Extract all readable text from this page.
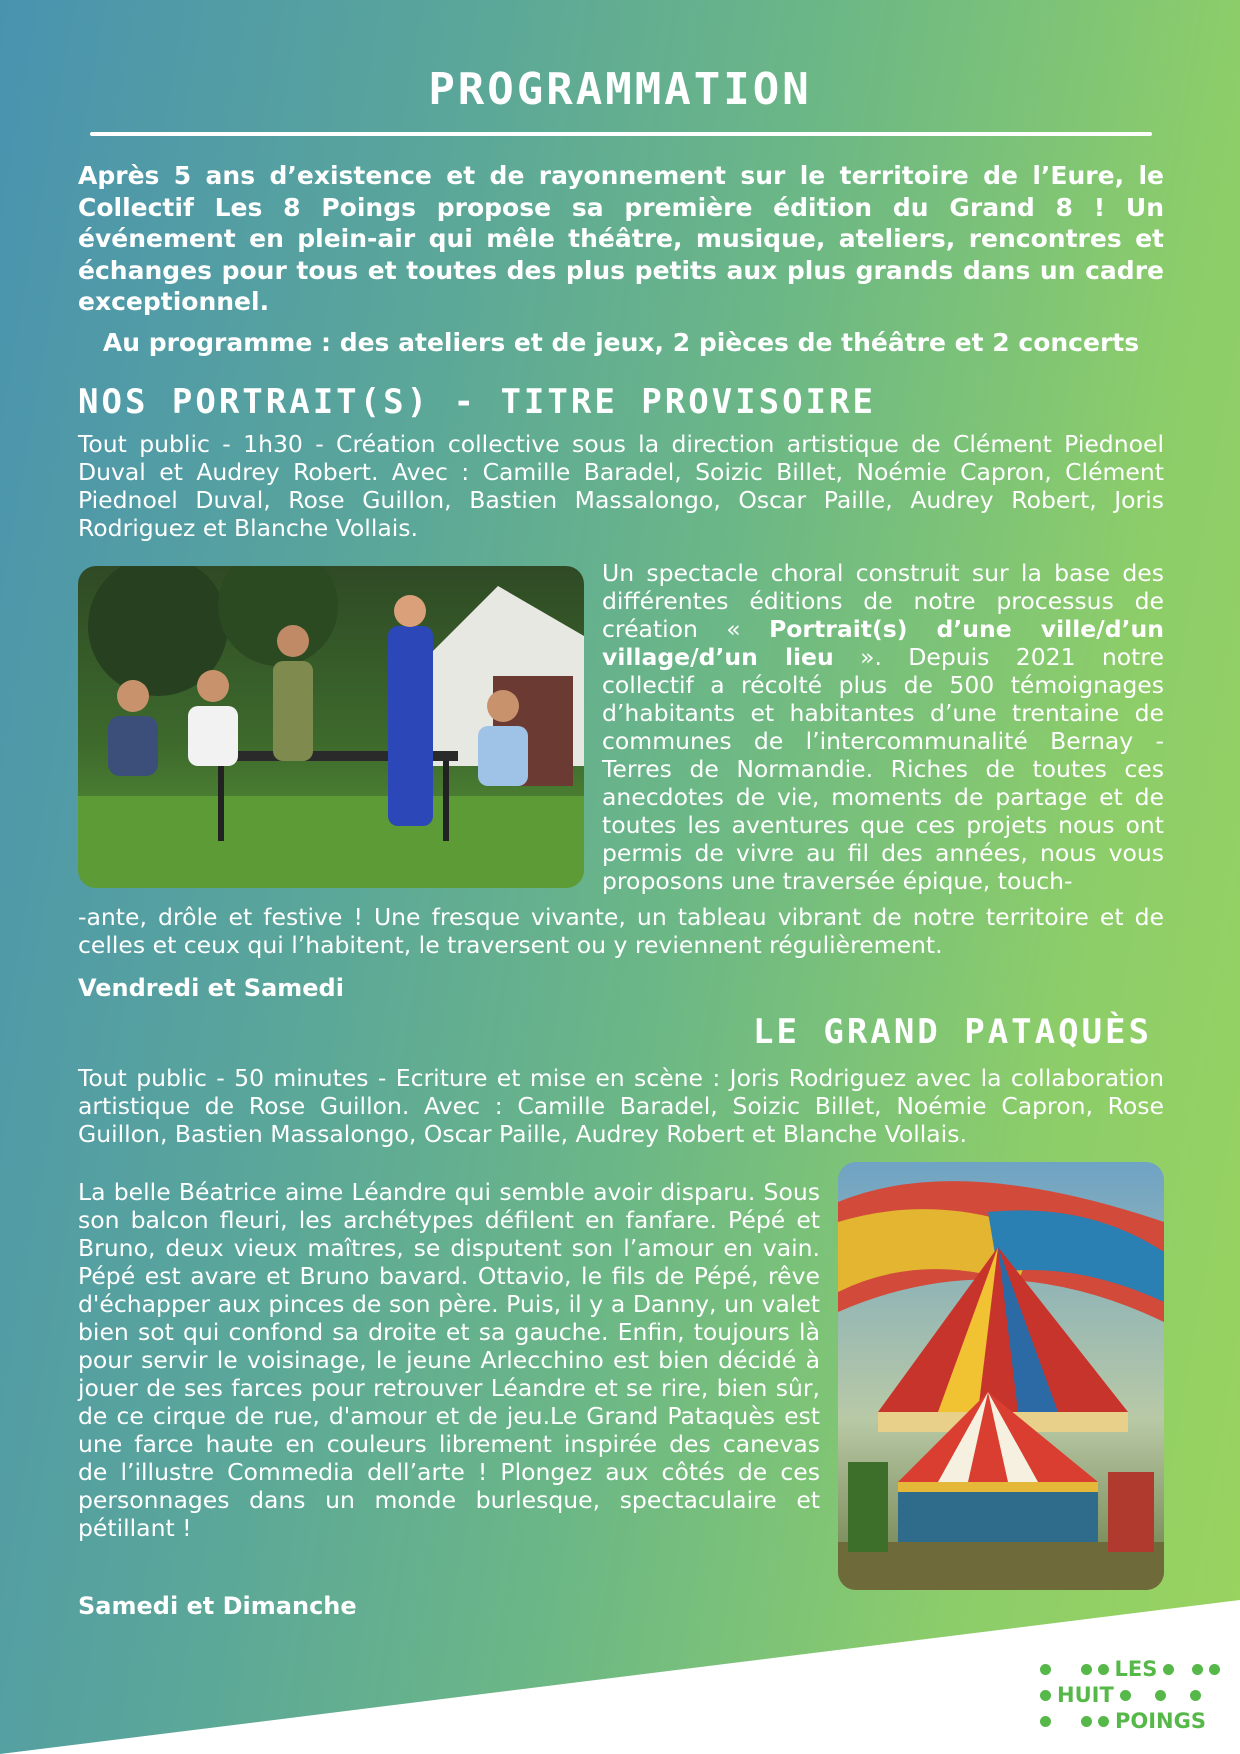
PROGRAMMATION

Après 5 ans d’existence et de rayonnement sur le territoire de l’Eure, le Collectif Les 8 Poings propose sa première édition du Grand 8 ! Un événement en plein-air qui mêle théâtre, musique, ateliers, rencontres et échanges pour tous et toutes des plus petits aux plus grands dans un cadre exceptionnel.

Au programme : des ateliers et de jeux, 2 pièces de théâtre et 2 concerts

NOS PORTRAIT(S) - TITRE PROVISOIRE

Tout public - 1h30 - Création collective sous la direction artistique de Clément Piednoel Duval et Audrey Robert. Avec : Camille Baradel, Soizic Billet, Noémie Capron, Clément Piednoel Duval, Rose Guillon, Bastien Massalongo, Oscar Paille, Audrey Robert, Joris Rodriguez et Blanche Vollais.

Un spectacle choral construit sur la base des différentes éditions de notre processus de création « Portrait(s) d’une ville/d’un village/d’un lieu ». Depuis 2021 notre collectif a récolté plus de 500 témoignages d’habitants et habitantes d’une trentaine de communes de l’intercommunalité Bernay - Terres de Normandie. Riches de toutes ces anecdotes de vie, moments de partage et de toutes les aventures que ces projets nous ont permis de vivre au fil des années, nous vous proposons une traversée épique, touch-

-ante, drôle et festive ! Une fresque vivante, un tableau vibrant de notre territoire et de celles et ceux qui l’habitent, le traversent ou y reviennent régulièrement.

Vendredi et Samedi

LE GRAND PATAQUÈS

Tout public - 50 minutes - Ecriture et mise en scène : Joris Rodriguez avec la collaboration artistique de Rose Guillon. Avec : Camille Baradel, Soizic Billet, Noémie Capron, Rose Guillon, Bastien Massalongo, Oscar Paille, Audrey Robert et Blanche Vollais.

La belle Béatrice aime Léandre qui semble avoir disparu. Sous son balcon fleuri, les archétypes défilent en fanfare. Pépé et Bruno, deux vieux maîtres, se disputent son l’amour en vain. Pépé est avare et Bruno bavard. Ottavio, le fils de Pépé, rêve d'échapper aux pinces de son père. Puis, il y a Danny, un valet bien sot qui confond sa droite et sa gauche. Enfin, toujours là pour servir le voisinage, le jeune Arlecchino est bien décidé à jouer de ses farces pour retrouver Léandre et se rire, bien sûr, de ce cirque de rue, d'amour et de jeu.Le Grand Pataquès est une farce haute en couleurs librement inspirée des canevas de l’illustre Commedia dell’arte ! Plongez aux côtés de ces personnages dans un monde burlesque, spectaculaire et pétillant !

Samedi et Dimanche

LES
HUIT
POINGS
